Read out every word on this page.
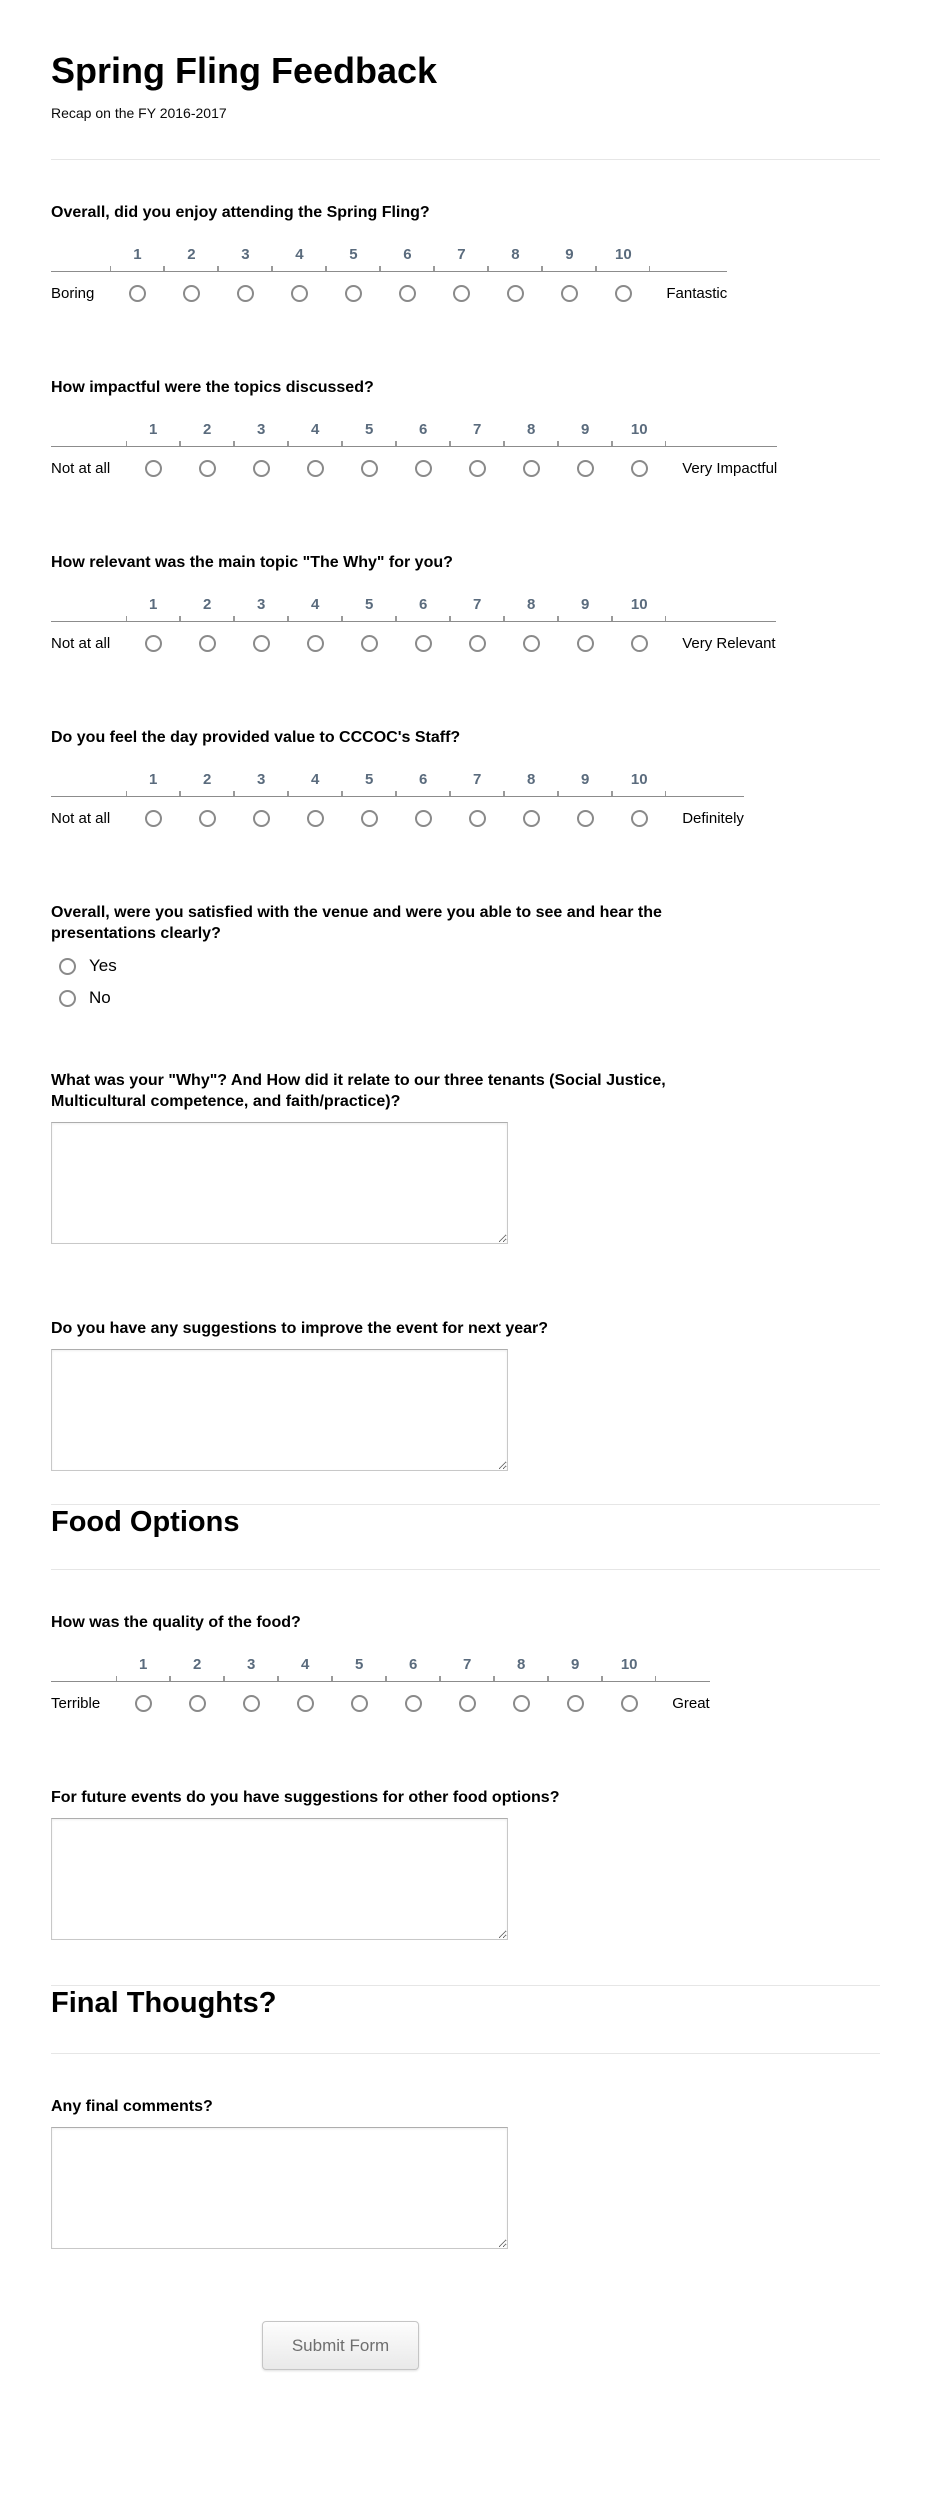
Spring Fling Feedback
Recap on the FY 2016-2017
Overall, did you enjoy attending the Spring Fling?
	1	2	3	4	5	6	7	8	9	10	
Boring											Fantastic
How impactful were the topics discussed?
	1	2	3	4	5	6	7	8	9	10	
Not at all											Very Impactful
How relevant was the main topic "The Why" for you?
	1	2	3	4	5	6	7	8	9	10	
Not at all											Very Relevant
Do you feel the day provided value to CCCOC's Staff?
	1	2	3	4	5	6	7	8	9	10	
Not at all											Definitely
Overall, were you satisfied with the venue and were you able to see and hear the presentations clearly?
Yes
No
What was your "Why"? And How did it relate to our three tenants (Social Justice, Multicultural competence, and faith/practice)?
Do you have any suggestions to improve the event for next year?
Food Options
How was the quality of the food?
	1	2	3	4	5	6	7	8	9	10	
Terrible											Great
For future events do you have suggestions for other food options?
Final Thoughts?
Any final comments?
Submit Form
